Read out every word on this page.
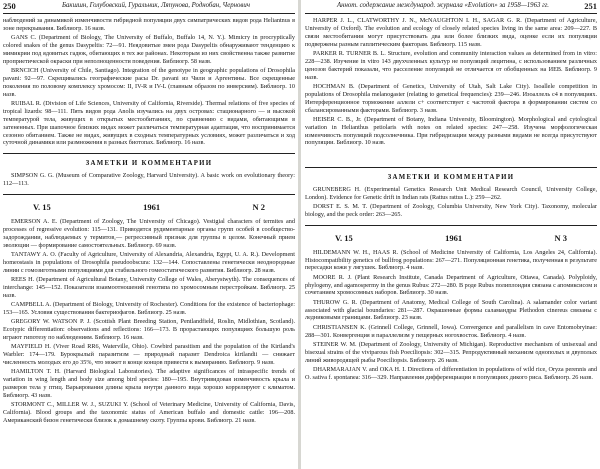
250	Бакшшн, Голубовский, Гуральник, Ляпунова, Роднобан, Чернович

наблюдений за динамикой изменчивости гибридной популяции двух симпатрических видов рода Heliantnus в зоне перекрывания. Библиогр. 16 назв.

GANS C. (Department of Biology, The University of Buffalo, Buffalo 14, N. Y.). Mimicry in procryptically colored snakes of the genus Dasypeltis: 72—91. Неядовитые змеи рода Dasypeltis обнаруживают тенденцию к мимикрии под ядовитых гадюк, обитающих в тех же районах. Некоторым из них свойственна также развитие проприетической окраски при неполноценности поведения. Библиогр. 58 назв.

BRNCICH (University of Chile, Santiago). Integration of the genotype in geographic populations of Drosophila pavani: 92—97. Скрещивались географические расы Dr. pavani из Чили и Аргентины. Все скрещенные поколения по половому комплексу хромосом: II, IV-R и IV-L (главным образом по инверсиям). Библиогр. 10 назв.

RUIBAL R. (Division of Life Sciences, University of California, Riverside). Thermal relations of five species of tropical lizards: 98—111. Пять видов рода Anolis изучались на двух островах: стационарного — и высокой температурой тела, живущих в открытых местообитаниях, по сравнению с видами, обитающими в затененных. При шапочное близких видах может различаться температурная адаптация, что воспринимается сезонно обитанием. Также не видах, живущих в сходных температурных условиях, может различаться и ход суточной динамики или размножения в разных биотопах. Библиогр. 16 назв.

ЗАМЕТКИ И КОММЕНТАРИИ

SIMPSON G. G. (Museum of Comparative Zoology, Harvard University). A basic work on evolutionary theory: 112—113.

V. 15	1961	N 2

EMERSON A. E. (Department of Zoology, The University of Chicago). Vestigial characters of termites and processes of regressive evolution: 115—131. Приводятся рудиментарные органы групп особей в сообщество-задорождании, наблюдаемых у термитов,— регрессивный признак для группы в целом. Конечный прием эволюции — формирование самостоятельных. Библиогр. 69 назв.

TANTAWY A. O. (Faculty of Agriculture, University of Alexandria, Alexandria, Egypt, U. A. R.). Development homeostasis in populations of Drosophila pseudoobscura: 132—144. Сопоставлены генетически неоднородные линии с гомозиготными популяциями для стабильного гомеостатического развития. Библиогр. 28 назв.

REES H. (Department of Agricultural Botany, University College of Wales, Aberystwyth). The consequences of interchange: 145—152. Показатели взаимоотношений генотипа по хромосомным перестройкам. Библиогр. 25 назв.

CAMPBELL A. (Department of Biology, University of Rochester). Conditions for the existence of bacteriophage: 153—165. Условия существования бактериофагов. Библиогр. 25 назв.

GREGORY W. WATSON P. J. (Scottish Plant Breeding Station, Pentlandfield, Roslin, Midlothian, Scotland). Ecotypic differentiation: observations and reflections: 166—173. В прорастающих популяциях большую роль играют гипотезу по наблюдениям. Библиогр. 16 назв.

MAYFIELD H. (Viver Road RR6, Waterville, Ohio). Cowbird parasitism and the population of the Kirtland's Warbler: 174—179. Бурокрылый паразитизм — природный паразит Dendroica kirtlandii — снижает численность молодых его до 35%, что может в конце концов привести к вымиранию. Библиогр. 9 назв.

HAMILTON T. H. (Harvard Biological Laboratories). The adaptive significances of intraspecific trends of variation in wing length and body size among bird species: 180—195. Внутривидовая изменчивость крыла и размеров тела у птиц. Варьирования длины крыла внутри данного вида хорошо коррелируют с климатом. Библиогр. 43 назв.

STORMONT C., MILLER W. J., SUZUKI Y. (School of Veterinary Medicine, University of California, Davis, California). Blood groups and the taxonomic status of American buffalo and domestic cattle: 196—208. Американский бизон генетически близок к домашнему скоту. Группы крови. Библиогр. 21 назв.

Аннот. содержание международ. журнала «Evolution» за 1958—1963 гг.	251

HARPER J. L., CLATWORTHY J. N., McNAUGHTON I. H., SAGAR G. R. (Department of Agriculture, University of Oxford). The evolution and ecology of closely related species living in the same area: 209—227. В связи местообитании могут присутствовать два или более близких вида, оценке если их популяции подвержены разным гаплитическим факторам. Библиогр. 115 назв.

PARKER R. TURNER B. L. Structure, evolution and community interaction values as determined from in vitro: 228—238. Изучение in vitro 143 двухчленных культур не популяций лецитина, с использованием различных ценозов бактерий показали, что расселение популяций не отличается от обобщенных на ИЕВ. Библиогр. 9 назв.

HOCHMAN B. (Department of Genetics, University of Utah, Salt Lake City). Isoallele competition in populations of Drosophila melanogaster (relating to genetical frequencies): 239—246. Изоаллель c4 в популяциях. Интерференционное торможение аллели с+ соответствует с частотой фактора в формировании систем со сбалансированными факторами. Библиогр. 3 назв.

HEISER C. B., Jr. (Department of Botany, Indiana University, Bloomington). Morphological and cytological variation in Helianthus petiolaris with notes on related species: 247—258. Изучена морфологическая изменчивость популяций подсолнечника. При гибридизации между разными видами не всегда присутствуют популяции. Библиогр. 10 назв.

ЗАМЕТКИ И КОММЕНТАРИИ

GRUNEBERG H. (Experimental Genetics Research Unit Medical Research Council, University College, London). Evidence for Genetic drift in Indian rats (Rattus rattus L.): 259—262.

DORST E. S. M. T. (Department of Zoology, Columbia University, New York City). Taxonomy, molecular biology, and the peck order: 263—265.

V. 15	1961	N 3

HILDEMANN W. H., HAAS R. (School of Medicine University of California, Los Angeles 24, California). Histocompatibility genetics of bullfrog populations: 267—271. Популяционная генетика, полученная в результате пересадки кожи у лягушек. Библиогр. 4 назв.

MOORE R. J. (Plant Research Institute, Canada Department of Agriculture, Ottawa, Canada). Polyploidy, phylogeny, and agamospermy in the genus Rubus: 272—280. В роде Rubus полиплоидия связана с апомиксисом и сочетанием хромосомных наборов. Библиогр. 30 назв.

THUROW G. R. (Department of Anatomy, Medical College of South Carolina). A salamander color variant associated with glacial boundaries: 281—287. Окрашенные формы саламандры Plethodon cinereus связаны с ледниковыми границами. Библиогр. 23 назв.

CHRISTIANSEN K. (Grinnell College, Grinnell, Iowa). Convergence and parallelism in cave Entomobryinae: 288—301. Конвергенция и параллелизм у пещерных ногохвосток. Библиогр. 4 назв.

STEINER W. M. (Department of Zoology, University of Michigan). Reproductive mechanism of unisexual and bisexual strains of the viviparous fish Poeciliopsis: 302—315. Репродуктивный механизм однополых и двуполых линий живородящей рыбы Poeciliopsis. Библиогр. 26 назв.

DHARMARAJAN V. and OKA H. I. Directions of differentiation in populations of wild rice, Oryza perennis and O. sativa f. spontanea: 316—329. Направления дифференциации в популяциях дикого риса. Библиогр. 26 назв.
